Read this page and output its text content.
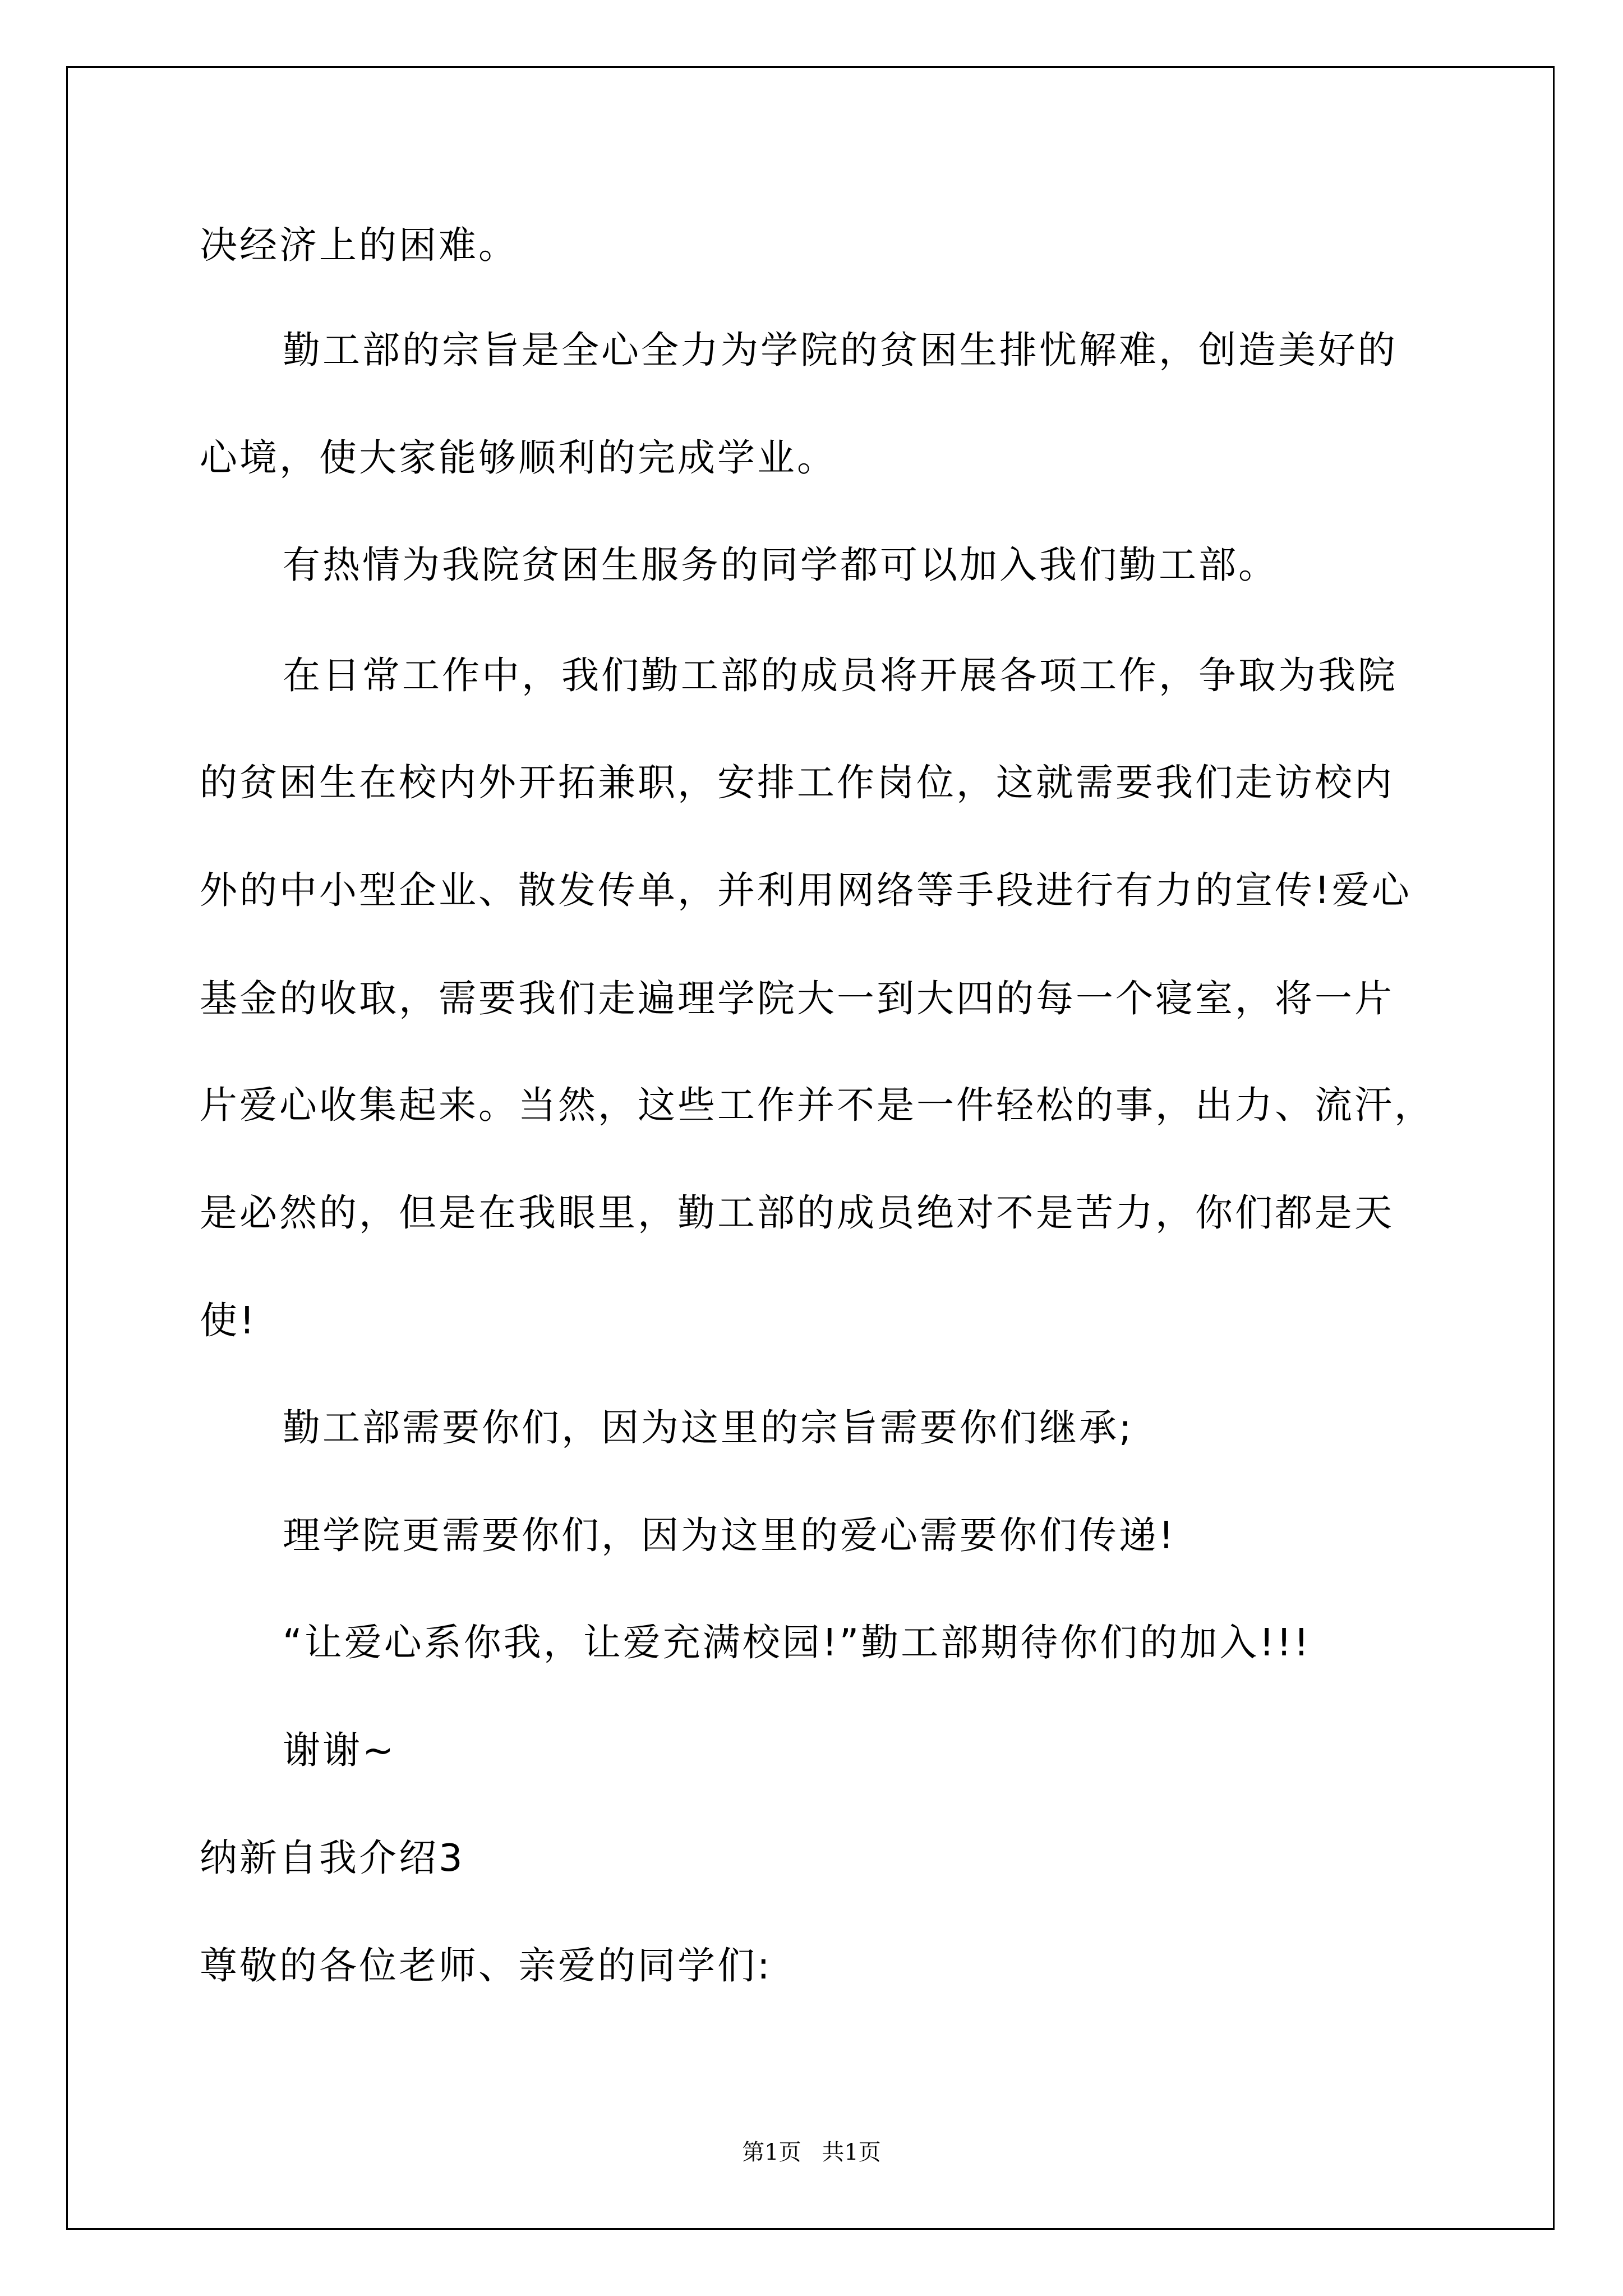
决经济上的困难。
勤工部的宗旨是全心全力为学院的贫困生排忧解难，创造美好的
心境，使大家能够顺利的完成学业。
有热情为我院贫困生服务的同学都可以加入我们勤工部。
在日常工作中，我们勤工部的成员将开展各项工作，争取为我院
的贫困生在校内外开拓兼职，安排工作岗位，这就需要我们走访校内
外的中小型企业、散发传单，并利用网络等手段进行有力的宣传!爱心
基金的收取，需要我们走遍理学院大一到大四的每一个寝室，将一片
片爱心收集起来。当然，这些工作并不是一件轻松的事，出力、流汗，
是必然的，但是在我眼里，勤工部的成员绝对不是苦力，你们都是天
使!
勤工部需要你们，因为这里的宗旨需要你们继承;
理学院更需要你们，因为这里的爱心需要你们传递!
“让爱心系你我，让爱充满校园!”勤工部期待你们的加入!!!
谢谢~
纳新自我介绍3
尊敬的各位老师、亲爱的同学们:
第1页 共1页
